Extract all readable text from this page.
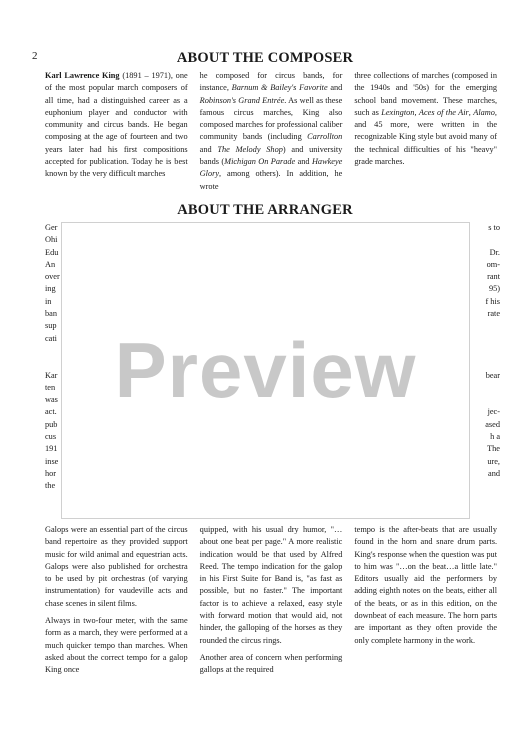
2	ABOUT THE COMPOSER

Karl Lawrence King (1891 – 1971), one of the most popular march composers of all time, had a distinguished career as a euphonium player and conductor with community and circus bands. He began composing at the age of fourteen and two years later had his first compositions accepted for publication. Today he is best known by the very difficult marches

he composed for circus bands, for instance, Barnum & Bailey's Favorite and Robinson's Grand Entrée. As well as these famous circus marches, King also composed marches for professional caliber community bands (including Carrollton and The Melody Shop) and university bands (Michigan On Parade and Hawkeye Glory, among others). In addition, he wrote

three collections of marches (composed in the 1940s and '50s) for the emerging school band movement. These marches, such as Lexington, Aces of the Air, Alamo, and 45 more, were written in the recognizable King style but avoid many of the technical difficulties of his "heavy" grade marches.

ABOUT THE ARRANGER
Ger
Ohi
Edu
An
over
ing
in
ban
sup
cati

Kar
ten
was
act.
pub
cus
191
inse
hor
the
s to

Dr.
om-
rant
95)
f his
rate

bear

jec-
ased
h a
The
ure,
and

Preview

Galops were an essential part of the circus band repertoire as they provided support music for wild animal and equestrian acts. Galops were also published for orchestra to be used by pit orchestras (of varying instrumentation) for vaudeville acts and chase scenes in silent films.

Always in two-four meter, with the same form as a march, they were performed at a much quicker tempo than marches. When asked about the correct tempo for a galop King once

quipped, with his usual dry humor, "…about one beat per page." A more realistic indication would be that used by Alfred Reed. The tempo indication for the galop in his First Suite for Band is, "as fast as possible, but no faster." The important factor is to achieve a relaxed, easy style with forward motion that would aid, not hinder, the galloping of the horses as they rounded the circus rings.

Another area of concern when performing gallops at the required

tempo is the after-beats that are usually found in the horn and snare drum parts. King's response when the question was put to him was "…on the beat…a little late." Editors usually aid the performers by adding eighth notes on the beats, either all of the beats, or as in this edition, on the downbeat of each measure. The horn parts are important as they often provide the only complete harmony in the work.
